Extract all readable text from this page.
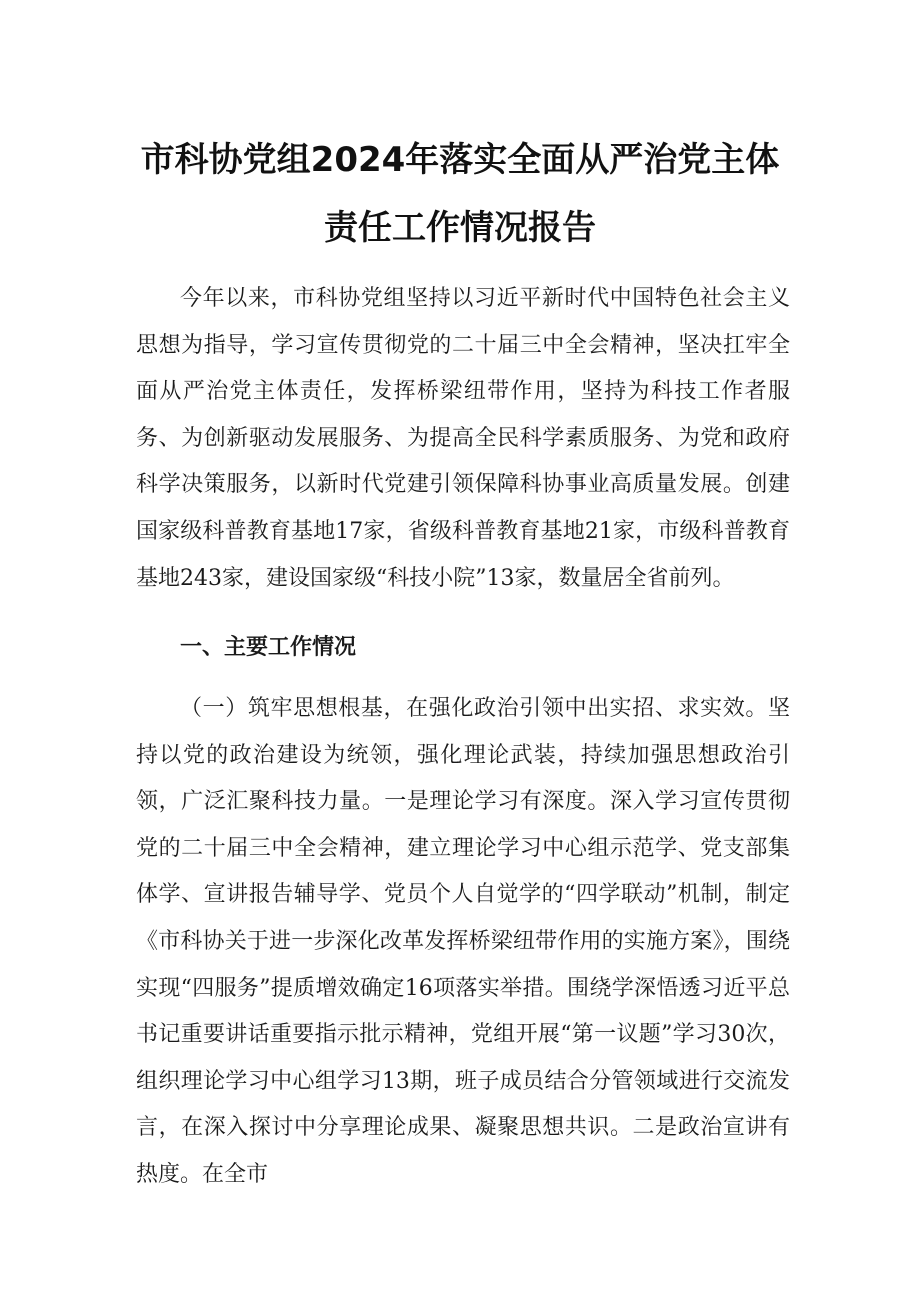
市科协党组2024年落实全面从严治党主体
责任工作情况报告

今年以来，市科协党组坚持以习近平新时代中国特色社会主义思想为指导，学习宣传贯彻党的二十届三中全会精神，坚决扛牢全面从严治党主体责任，发挥桥梁纽带作用，坚持为科技工作者服务、为创新驱动发展服务、为提高全民科学素质服务、为党和政府科学决策服务，以新时代党建引领保障科协事业高质量发展。创建国家级科普教育基地17家，省级科普教育基地21家，市级科普教育基地243家，建设国家级“科技小院”13家，数量居全省前列。

一、主要工作情况

（一）筑牢思想根基，在强化政治引领中出实招、求实效。坚持以党的政治建设为统领，强化理论武装，持续加强思想政治引领，广泛汇聚科技力量。一是理论学习有深度。深入学习宣传贯彻党的二十届三中全会精神，建立理论学习中心组示范学、党支部集体学、宣讲报告辅导学、党员个人自觉学的“四学联动”机制，制定《市科协关于进一步深化改革发挥桥梁纽带作用的实施方案》，围绕实现“四服务”提质增效确定16项落实举措。围绕学深悟透习近平总书记重要讲话重要指示批示精神，党组开展“第一议题”学习30次，组织理论学习中心组学习13期，班子成员结合分管领域进行交流发言，在深入探讨中分享理论成果、凝聚思想共识。二是政治宣讲有热度。在全市
